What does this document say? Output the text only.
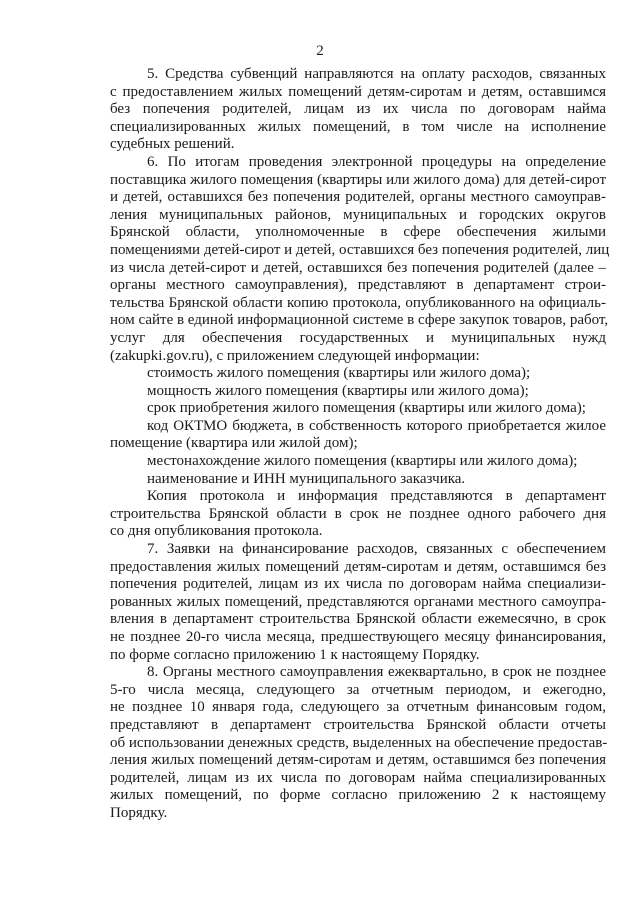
2
5. Средства субвенций направляются на оплату расходов, связанных
с предоставлением жилых помещений детям-сиротам и детям, оставшимся
без попечения родителей, лицам из их числа по договорам найма
специализированных жилых помещений, в том числе на исполнение
судебных решений.
6. По итогам проведения электронной процедуры на определение
поставщика жилого помещения (квартиры или жилого дома) для детей-сирот
и детей, оставшихся без попечения родителей, органы местного самоуправ-
ления муниципальных районов, муниципальных и городских округов
Брянской области, уполномоченные в сфере обеспечения жилыми
помещениями детей-сирот и детей, оставшихся без попечения родителей, лиц
из числа детей-сирот и детей, оставшихся без попечения родителей (далее –
органы местного самоуправления), представляют в департамент строи-
тельства Брянской области копию протокола, опубликованного на официаль-
ном сайте в единой информационной системе в сфере закупок товаров, работ,
услуг для обеспечения государственных и муниципальных нужд
(zakupki.gov.ru), с приложением следующей информации:
стоимость жилого помещения (квартиры или жилого дома);
мощность жилого помещения (квартиры или жилого дома);
срок приобретения жилого помещения (квартиры или жилого дома);
код ОКТМО бюджета, в собственность которого приобретается жилое
помещение (квартира или жилой дом);
местонахождение жилого помещения (квартиры или жилого дома);
наименование и ИНН муниципального заказчика.
Копия протокола и информация представляются в департамент
строительства Брянской области в срок не позднее одного рабочего дня
со дня опубликования протокола.
7. Заявки на финансирование расходов, связанных с обеспечением
предоставления жилых помещений детям-сиротам и детям, оставшимся без
попечения родителей, лицам из их числа по договорам найма специализи-
рованных жилых помещений, представляются органами местного самоупра-
вления в департамент строительства Брянской области ежемесячно, в срок
не позднее 20-го числа месяца, предшествующего месяцу финансирования,
по форме согласно приложению 1 к настоящему Порядку.
8. Органы местного самоуправления ежеквартально, в срок не позднее
5-го числа месяца, следующего за отчетным периодом, и ежегодно,
не позднее 10 января года, следующего за отчетным финансовым годом,
представляют в департамент строительства Брянской области отчеты
об использовании денежных средств, выделенных на обеспечение предостав-
ления жилых помещений детям-сиротам и детям, оставшимся без попечения
родителей, лицам из их числа по договорам найма специализированных
жилых помещений, по форме согласно приложению 2 к настоящему
Порядку.
